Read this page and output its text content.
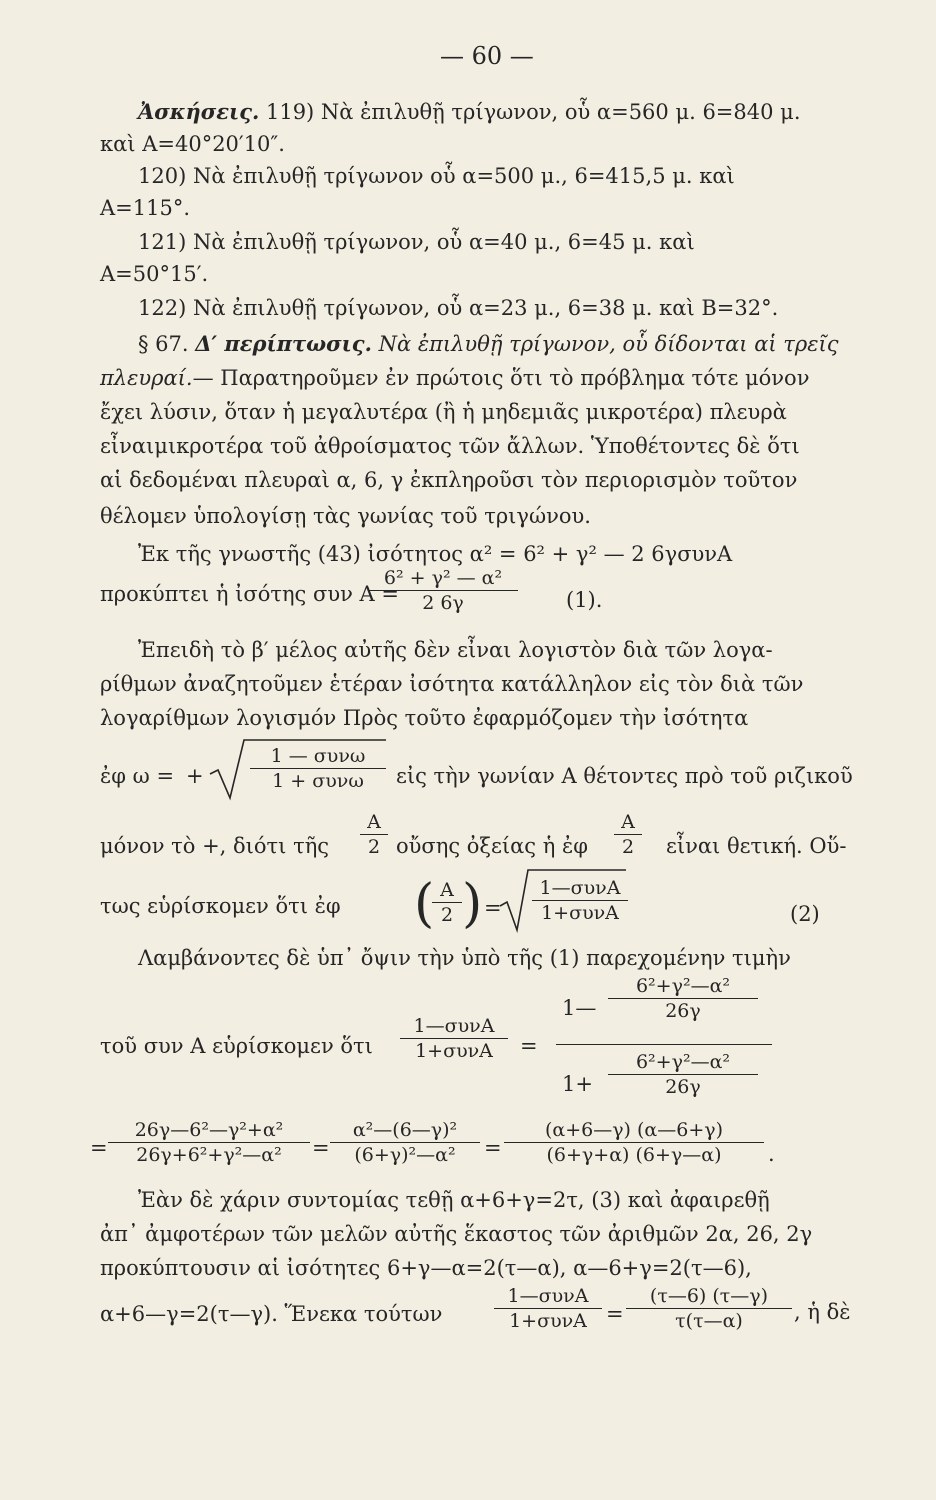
— 60 —
Ἀσκήσεις. 119) Νὰ ἐπιλυθῇ τρίγωνον, οὗ α=560 μ. 6=840 μ.
καὶ Α=40°20′10″.
120) Νὰ ἐπιλυθῇ τρίγωνον οὗ α=500 μ., 6=415,5 μ. καὶ
Α=115°.
121) Νὰ ἐπιλυθῇ τρίγωνον, οὗ α=40 μ., 6=45 μ. καὶ
Α=50°15′.
122) Νὰ ἐπιλυθῇ τρίγωνον, οὗ α=23 μ., 6=38 μ. καὶ Β=32°.
§ 67. Δ′ περίπτωσις. Νὰ ἐπιλυθῇ τρίγωνον, οὗ δίδονται αἱ τρεῖς
πλευραί.— Παρατηροῦμεν ἐν πρώτοις ὅτι τὸ πρόβλημα τότε μόνον
ἔχει λύσιν, ὅταν ἡ μεγαλυτέρα (ἢ ἡ μηδεμιᾶς μικροτέρα) πλευρὰ
εἶναιμικροτέρα τοῦ ἀθροίσματος τῶν ἄλλων. Ὑποθέτοντες δὲ ὅτι
αἱ δεδομέναι πλευραὶ α, 6, γ ἐκπληροῦσι τὸν περιορισμὸν τοῦτον
θέλομεν ὑπολογίσῃ τὰς γωνίας τοῦ τριγώνου.
Ἐκ τῆς γνωστῆς (43) ἰσότητος α² = 6² + γ² — 2 6γσυνΑ
προκύπτει ἡ ἰσότης συν Α =
$\frac{\text{6² + γ² — α²}}{2 6\gamma} (1)$.
Ἐπειδὴ τὸ β′ μέλος αὐτῆς δὲν εἶναι λογιστὸν διὰ τῶν λογα-
ρίθμων ἀναζητοῦμεν ἑτέραν ἰσότητα κατάλληλον εἰς τὸν διὰ τῶν
λογαρίθμων λογισμόν Πρὸς τοῦτο ἐφαρμόζομεν τὴν ἰσότητα
ἐφ ω = +
1 — συνω
1 + συνω	εἰς τὴν γωνίαν Α θέτοντες πρὸ τοῦ ριζικοῦ
μόνον τὸ +, διότι τῆς $\frac{A}{2}$ οὔσης ὀξείας ἡ ἐφ $\frac{A}{2}$ εἶναι θετική. Οὕ-
τως εὑρίσκομεν ὅτι ἐφ (
$\frac{A}{2}$ ) =
1—συνΑ
1+συνΑ	(2)
Λαμβάνοντες δὲ ὑπ᾿ ὄψιν τὴν ὑπὸ τῆς (1) παρεχομένην τιμὴν
τοῦ συν Α εὑρίσκομεν ὅτι
1—συνΑ
1+συνΑ	=
1— $\frac{\text{6²+γ²—α²}}{26\gamma}$
$1+ \frac{\text{6²+γ²—α²}}{26\gamma}$
= $\frac{\text{26γ—6²—γ²+α²}}{\text{26γ+6²+γ²—α²}} = \frac{\text{α²—(6—γ)²}}{\text{(6+γ)²—α²}} = \frac{(\alpha+6—\gamma) (\alpha—6+\gamma)}{(6+\gamma+\alpha) (6+\gamma—\alpha)}$ .
Ἐὰν δὲ χάριν συντομίας τεθῇ α+6+γ=2τ, (3) καὶ ἀφαιρεθῇ
ἀπ᾿ ἀμφοτέρων τῶν μελῶν αὐτῆς ἕκαστος τῶν ἀριθμῶν 2α, 26, 2γ
προκύπτουσιν αἱ ἰσότητες 6+γ—α=2(τ—α), α—6+γ=2(τ—6),
α+6—γ=2(τ—γ). Ἕνεκα τούτων
1—συνΑ
$1+\sigma\upsilon\nu A = \frac{(\tau—6) (\tau—\gamma)}{\tau(\tau—\alpha)}$ , ἡ δὲ
